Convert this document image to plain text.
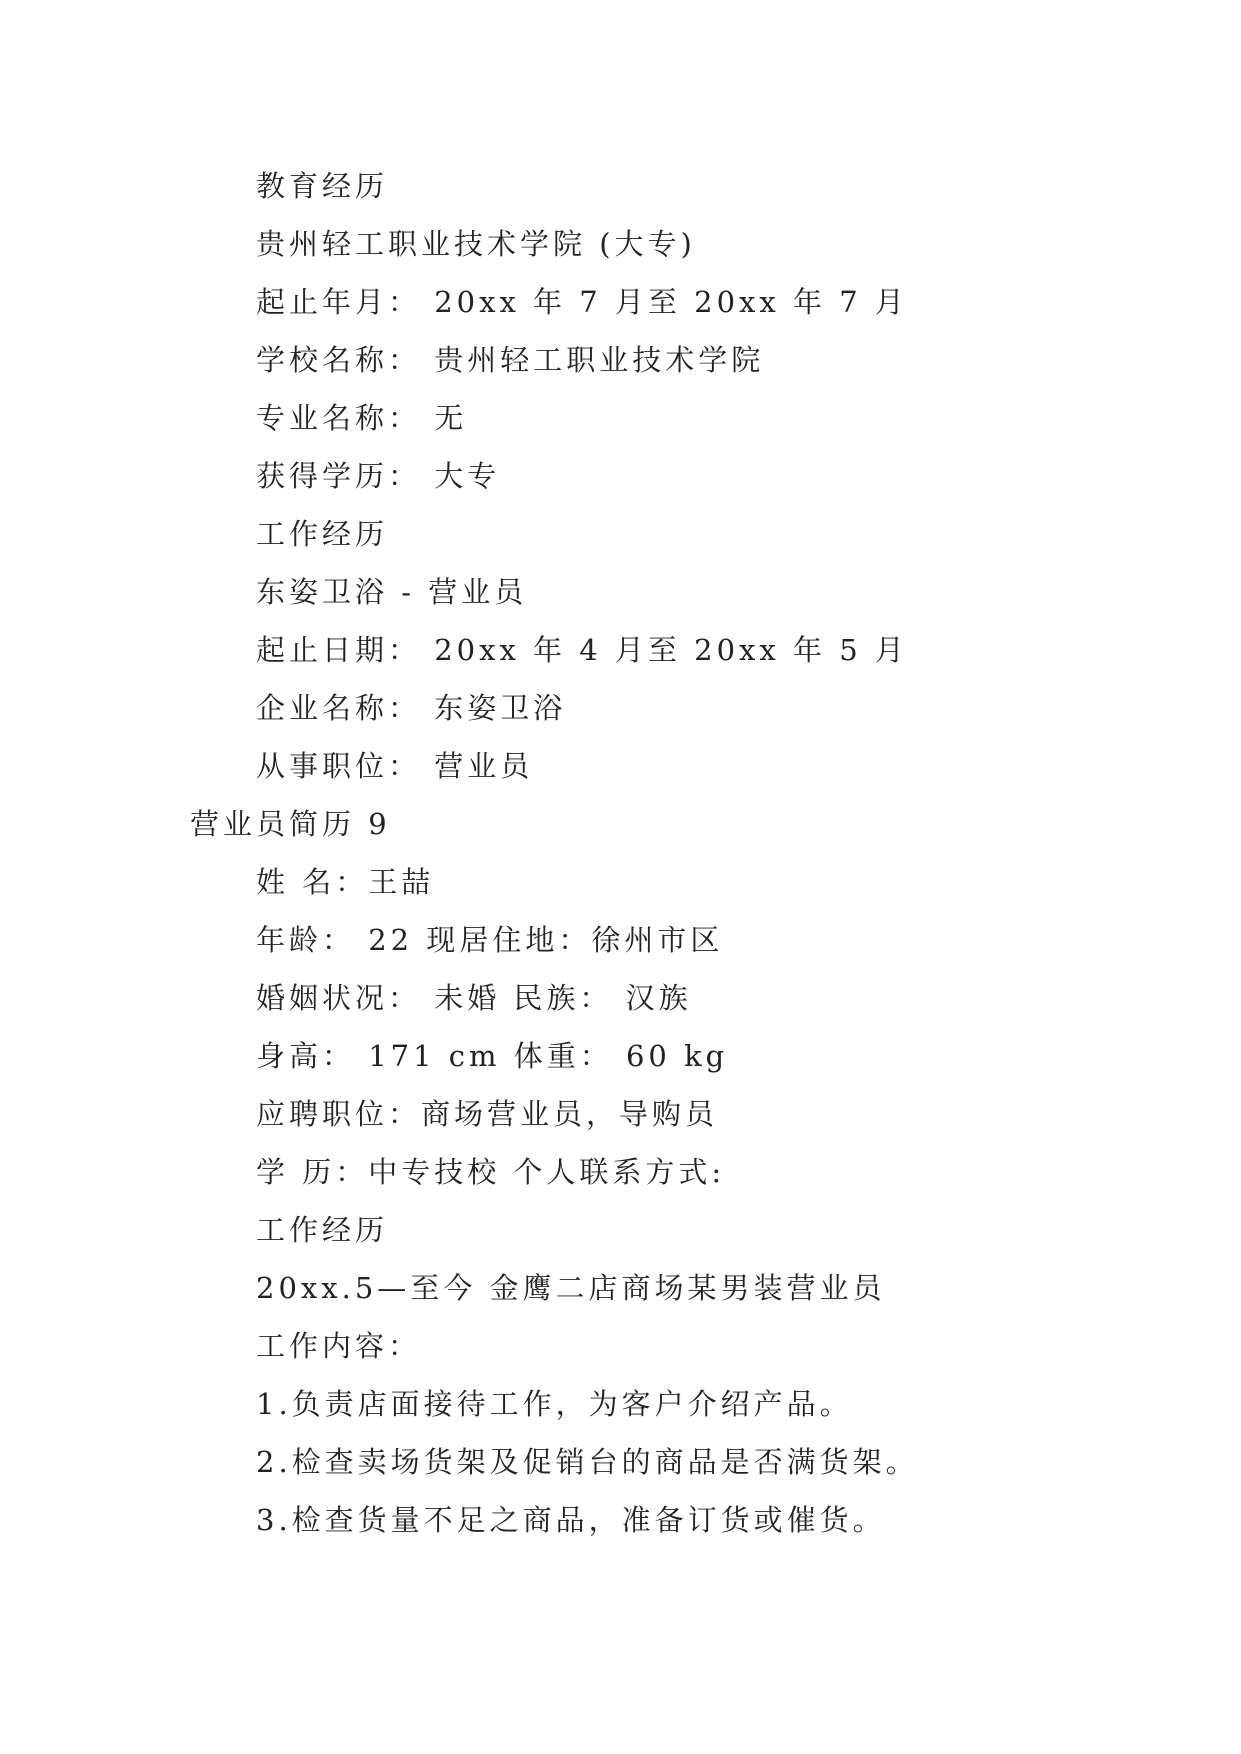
教育经历
贵州轻工职业技术学院 (大专)
起止年月： 20xx 年 7 月至 20xx 年 7 月
学校名称： 贵州轻工职业技术学院
专业名称： 无
获得学历： 大专
工作经历
东姿卫浴 - 营业员
起止日期： 20xx 年 4 月至 20xx 年 5 月
企业名称： 东姿卫浴
从事职位： 营业员
营业员简历 9
姓 名：王喆
年龄： 22 现居住地：徐州市区
婚姻状况： 未婚 民族： 汉族
身高： 171 cm 体重： 60 kg
应聘职位：商场营业员，导购员
学 历：中专技校 个人联系方式:
工作经历
20xx.5—至今 金鹰二店商场某男装营业员
工作内容：
1.负责店面接待工作，为客户介绍产品。
2.检查卖场货架及促销台的商品是否满货架。
3.检查货量不足之商品，准备订货或催货。
